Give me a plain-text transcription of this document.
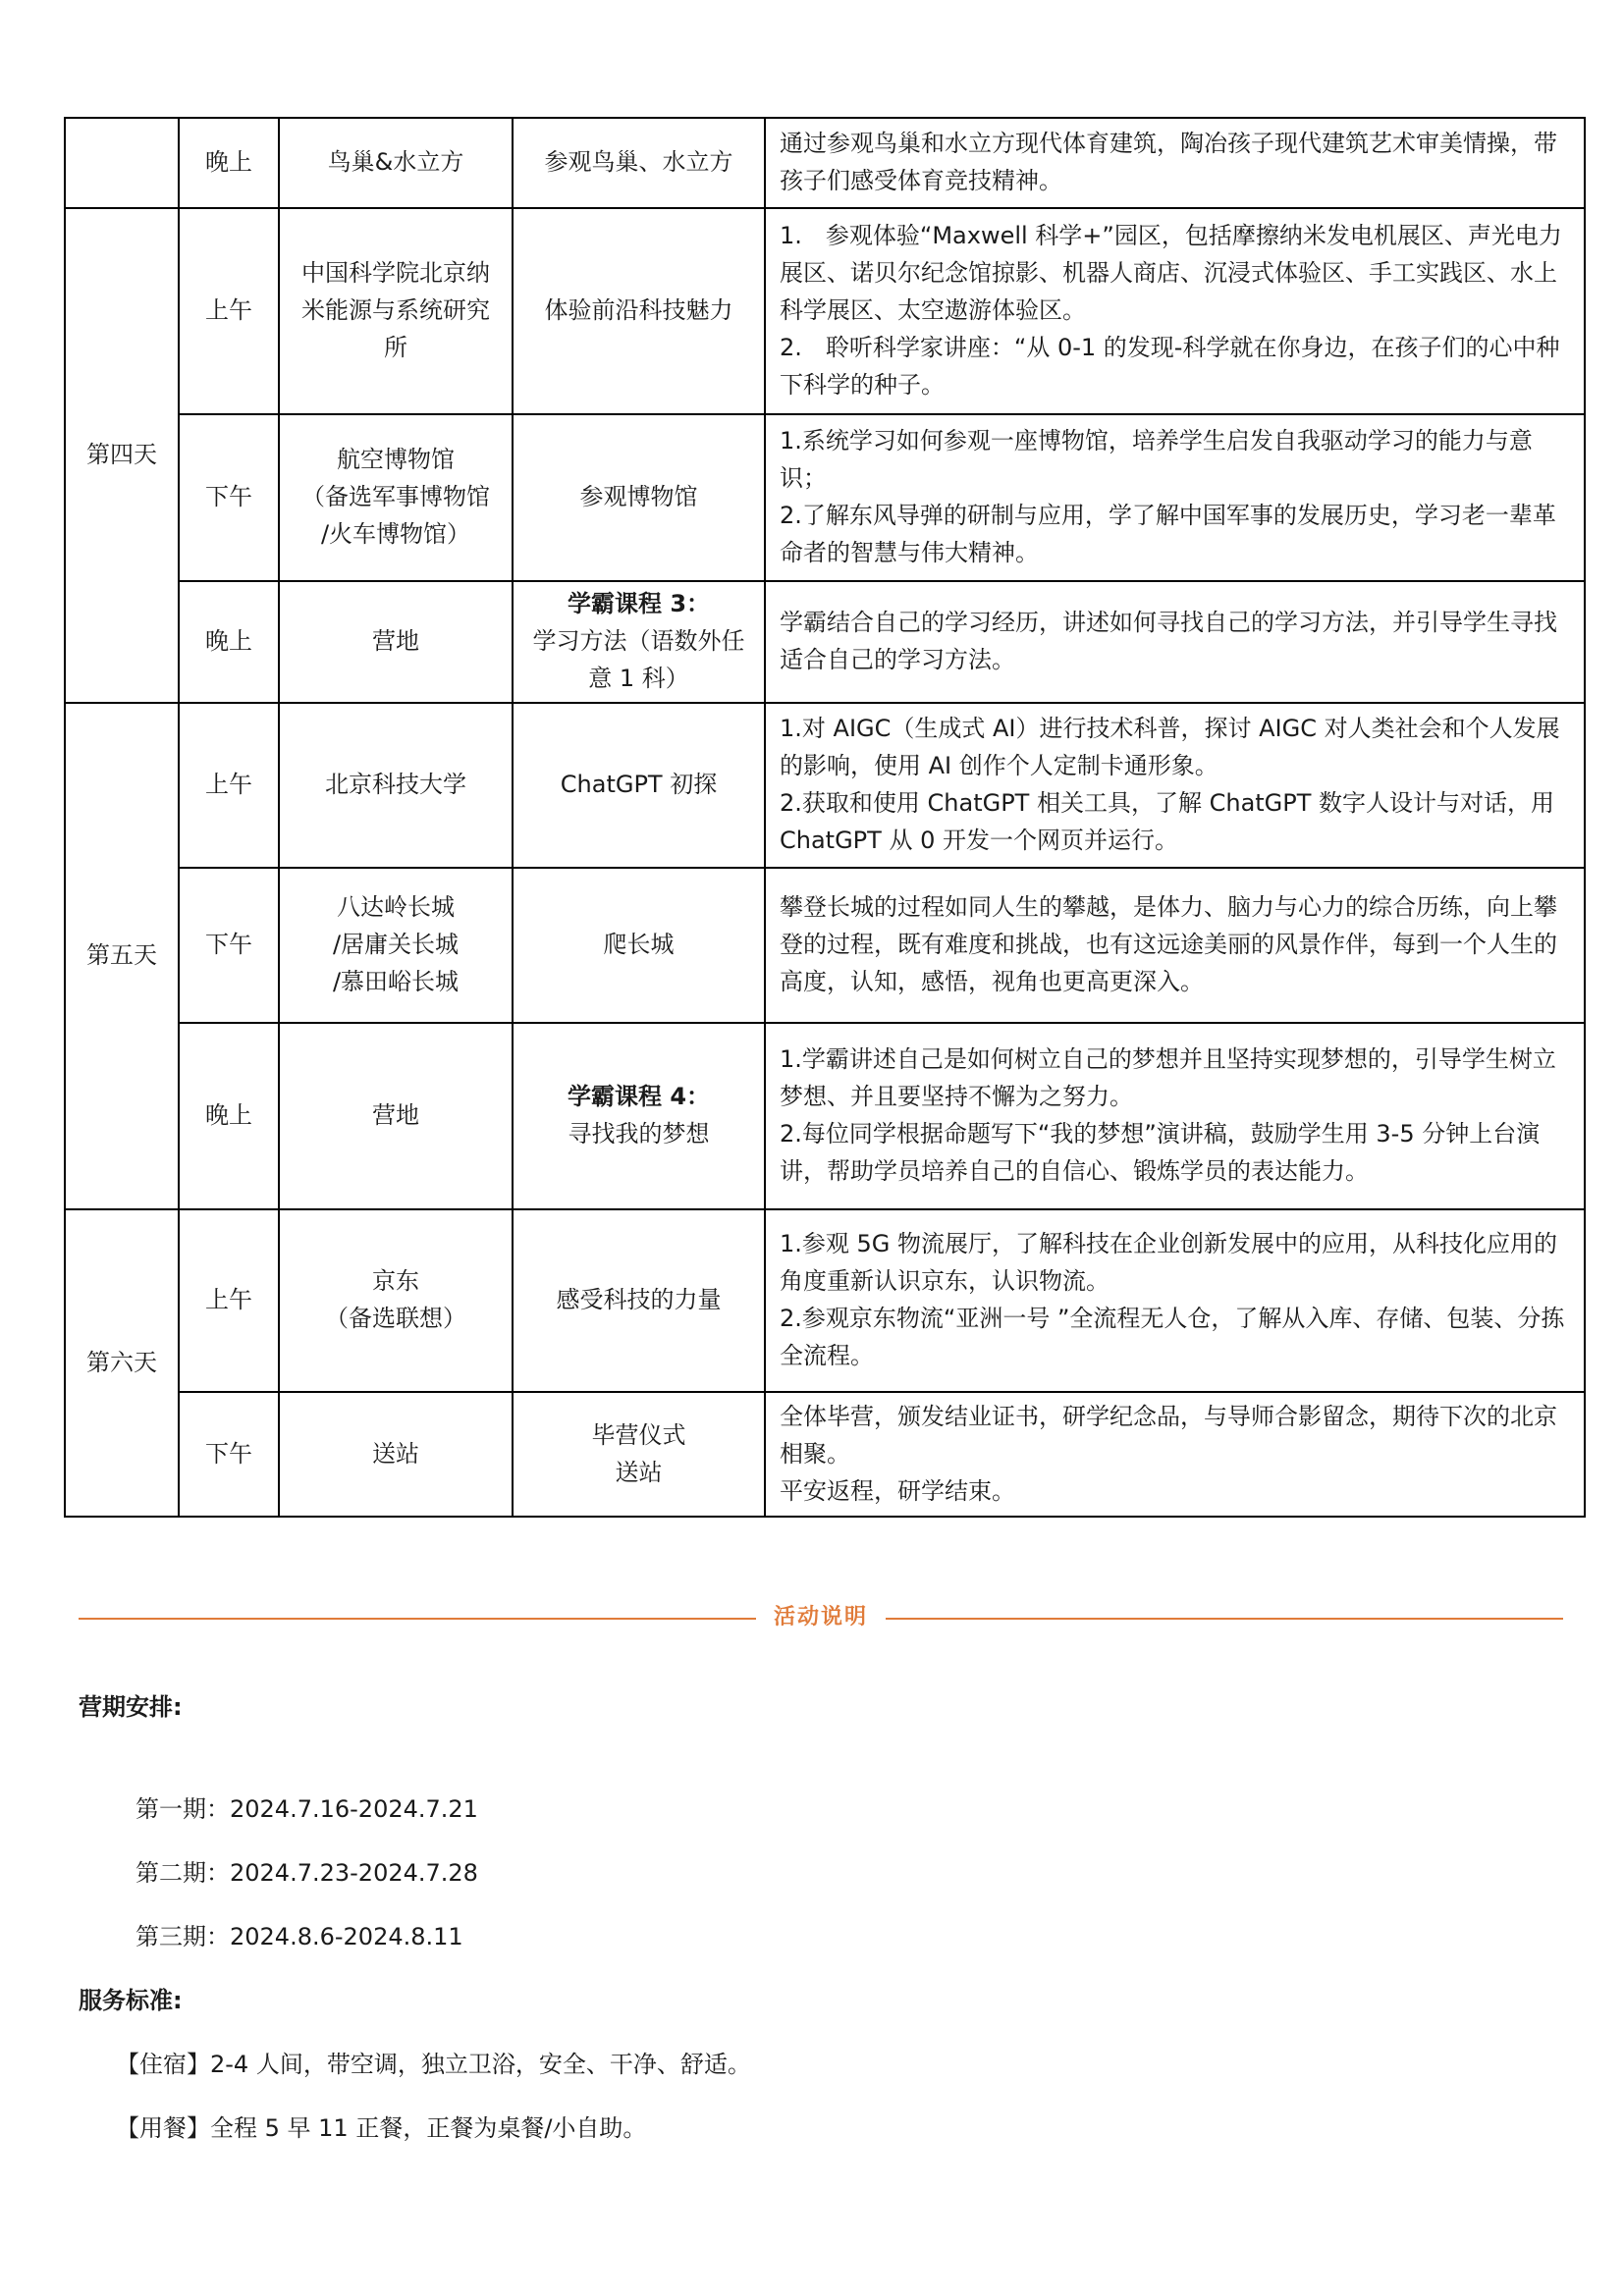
	晚上	鸟巢&水立方	参观鸟巢、水立方	通过参观鸟巢和水立方现代体育建筑，陶冶孩子现代建筑艺术审美情操，带孩子们感受体育竞技精神。

第四天	上午	中国科学院北京纳
米能源与系统研究
所	体验前沿科技魅力	1.　参观体验“Maxwell 科学+”园区，包括摩擦纳米发电机展区、声光电力展区、诺贝尔纪念馆掠影、机器人商店、沉浸式体验区、手工实践区、水上科学展区、太空遨游体验区。
2.　聆听科学家讲座：“从 0-1 的发现-科学就在你身边，在孩子们的心中种下科学的种子。

	下午	航空博物馆
（备选军事博物馆
/火车博物馆）	参观博物馆	1.系统学习如何参观一座博物馆，培养学生启发自我驱动学习的能力与意识；
2.了解东风导弹的研制与应用，学了解中国军事的发展历史，学习老一辈革命者的智慧与伟大精神。

	晚上	营地	学霸课程 3：
学习方法（语数外任
意 1 科）	学霸结合自己的学习经历，讲述如何寻找自己的学习方法，并引导学生寻找适合自己的学习方法。

第五天	上午	北京科技大学	ChatGPT 初探	1.对 AIGC（生成式 AI）进行技术科普，探讨 AIGC 对人类社会和个人发展的影响，使用 AI 创作个人定制卡通形象。
2.获取和使用 ChatGPT 相关工具，了解 ChatGPT 数字人设计与对话，用 ChatGPT 从 0 开发一个网页并运行。

	下午	八达岭长城
/居庸关长城
/慕田峪长城	爬长城	攀登长城的过程如同人生的攀越，是体力、脑力与心力的综合历练，向上攀登的过程，既有难度和挑战，也有这远途美丽的风景作伴，每到一个人生的高度，认知，感悟，视角也更高更深入。

	晚上	营地	学霸课程 4：
寻找我的梦想	1.学霸讲述自己是如何树立自己的梦想并且坚持实现梦想的，引导学生树立梦想、并且要坚持不懈为之努力。
2.每位同学根据命题写下“我的梦想”演讲稿，鼓励学生用 3-5 分钟上台演讲，帮助学员培养自己的自信心、锻炼学员的表达能力。

第六天	上午	京东
（备选联想）	感受科技的力量	1.参观 5G 物流展厅，了解科技在企业创新发展中的应用，从科技化应用的角度重新认识京东，认识物流。
2.参观京东物流“亚洲一号 ”全流程无人仓，了解从入库、存储、包装、分拣全流程。

	下午	送站	毕营仪式
送站	全体毕营，颁发结业证书，研学纪念品，与导师合影留念，期待下次的北京相聚。
平安返程，研学结束。
活动说明
营期安排:
第一期：2024.7.16-2024.7.21
第二期：2024.7.23-2024.7.28
第三期：2024.8.6-2024.8.11
服务标准:
【住宿】2-4 人间，带空调，独立卫浴，安全、干净、舒适。
【用餐】全程 5 早 11 正餐，正餐为桌餐/小自助。
